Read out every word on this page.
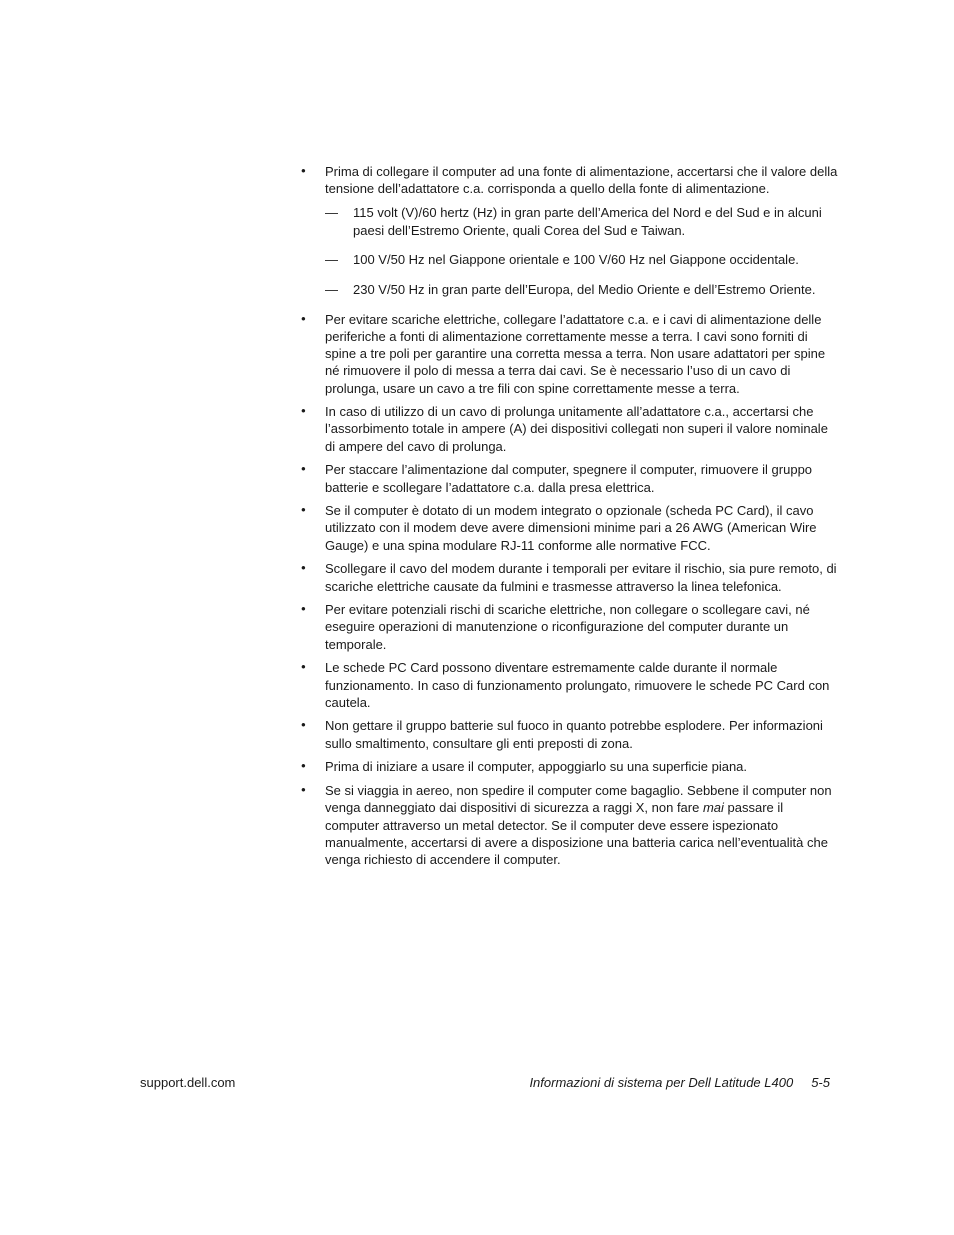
• Prima di collegare il computer ad una fonte di alimentazione, accertarsi che il valore della tensione dell’adattatore c.a. corrisponda a quello della fonte di alimentazione.
— 115 volt (V)/60 hertz (Hz) in gran parte dell’America del Nord e del Sud e in alcuni paesi dell’Estremo Oriente, quali Corea del Sud e Taiwan.
— 100 V/50 Hz nel Giappone orientale e 100 V/60 Hz nel Giappone occidentale.
— 230 V/50 Hz in gran parte dell’Europa, del Medio Oriente e dell’Estremo Oriente.
• Per evitare scariche elettriche, collegare l’adattatore c.a. e i cavi di alimentazione delle periferiche a fonti di alimentazione correttamente messe a terra. I cavi sono forniti di spine a tre poli per garantire una corretta messa a terra. Non usare adattatori per spine né rimuovere il polo di messa a terra dai cavi. Se è necessario l’uso di un cavo di prolunga, usare un cavo a tre fili con spine correttamente messe a terra.
• In caso di utilizzo di un cavo di prolunga unitamente all’adattatore c.a., accertarsi che l’assorbimento totale in ampere (A) dei dispositivi collegati non superi il valore nominale di ampere del cavo di prolunga.
• Per staccare l’alimentazione dal computer, spegnere il computer, rimuovere il gruppo batterie e scollegare l’adattatore c.a. dalla presa elettrica.
• Se il computer è dotato di un modem integrato o opzionale (scheda PC Card), il cavo utilizzato con il modem deve avere dimensioni minime pari a 26 AWG (American Wire Gauge) e una spina modulare RJ-11 conforme alle normative FCC.
• Scollegare il cavo del modem durante i temporali per evitare il rischio, sia pure remoto, di scariche elettriche causate da fulmini e trasmesse attraverso la linea telefonica.
• Per evitare potenziali rischi di scariche elettriche, non collegare o scollegare cavi, né eseguire operazioni di manutenzione o riconfigurazione del computer durante un temporale.
• Le schede PC Card possono diventare estremamente calde durante il normale funzionamento. In caso di funzionamento prolungato, rimuovere le schede PC Card con cautela.
• Non gettare il gruppo batterie sul fuoco in quanto potrebbe esplodere. Per informazioni sullo smaltimento, consultare gli enti preposti di zona.
• Prima di iniziare a usare il computer, appoggiarlo su una superficie piana.
• Se si viaggia in aereo, non spedire il computer come bagaglio. Sebbene il computer non venga danneggiato dai dispositivi di sicurezza a raggi X, non fare mai passare il computer attraverso un metal detector. Se il computer deve essere ispezionato manualmente, accertarsi di avere a disposizione una batteria carica nell’eventualità che venga richiesto di accendere il computer.
support.dell.com	Informazioni di sistema per Dell Latitude L400 5-5
